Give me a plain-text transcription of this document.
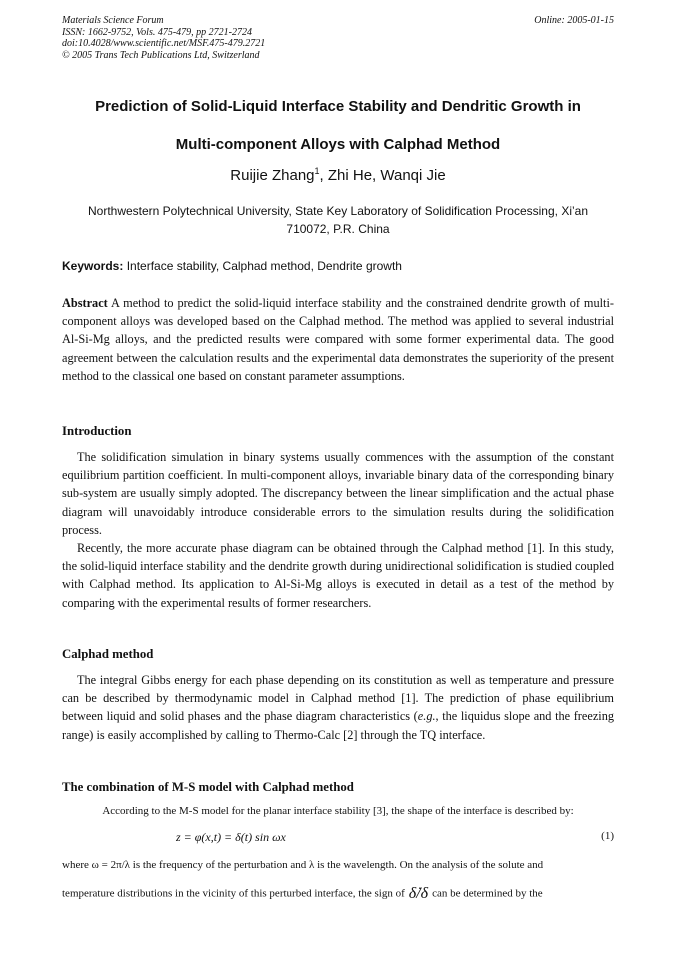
Materials Science Forum
ISSN: 1662-9752, Vols. 475-479, pp 2721-2724
doi:10.4028/www.scientific.net/MSF.475-479.2721
© 2005 Trans Tech Publications Ltd, Switzerland
Online: 2005-01-15
Prediction of Solid-Liquid Interface Stability and Dendritic Growth in
Multi-component Alloys with Calphad Method
Ruijie Zhang$^1$, Zhi He, Wanqi Jie
Northwestern Polytechnical University, State Key Laboratory of Solidification Processing, Xi’an
710072, P.R. China
Keywords: Interface stability, Calphad method, Dendrite growth
Abstract A method to predict the solid-liquid interface stability and the constrained dendrite growth of multi-component alloys was developed based on the Calphad method. The method was applied to several industrial Al-Si-Mg alloys, and the predicted results were compared with some former experimental data. The good agreement between the calculation results and the experimental data demonstrates the superiority of the present method to the classical one based on constant parameter assumptions.
Introduction
The solidification simulation in binary systems usually commences with the assumption of the constant equilibrium partition coefficient. In multi-component alloys, invariable binary data of the corresponding binary sub-system are usually simply adopted. The discrepancy between the linear simplification and the actual phase diagram will unavoidably introduce considerable errors to the simulation results during the solidification process.
Recently, the more accurate phase diagram can be obtained through the Calphad method [1]. In this study, the solid-liquid interface stability and the dendrite growth during unidirectional solidification is studied coupled with Calphad method. Its application to Al-Si-Mg alloys is executed in detail as a test of the method by comparing with the experimental results of former researchers.
Calphad method
The integral Gibbs energy for each phase depending on its constitution as well as temperature and pressure can be described by thermodynamic model in Calphad method [1]. The prediction of phase equilibrium between liquid and solid phases and the phase diagram characteristics (e.g., the liquidus slope and the freezing range) is easily accomplished by calling to Thermo-Calc [2] through the TQ interface.
The combination of M-S model with Calphad method
According to the M-S model for the planar interface stability [3], the shape of the interface is described by:
z = φ(x,t) = δ(t) sin ωx	(1)
where ω = 2π/λ is the frequency of the perturbation and λ is the wavelength. On the analysis of the solute and
temperature distributions in the vicinity of this perturbed interface, the sign of δ̇/δ can be determined by the
